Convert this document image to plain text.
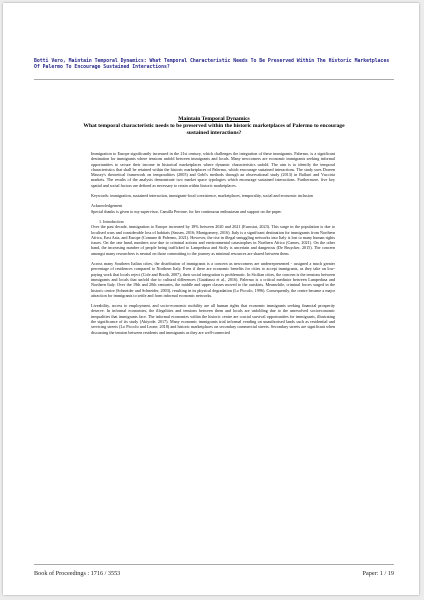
Botti Vero, Maintain Temporal Dynamics: What Temporal Characteristic Needs To Be Preserved Within The Historic Marketplaces Of Palermo To Encourage Sustained Interactions?
Maintain Temporal Dynamics
What temporal characteristic needs to be preserved within the historic marketplaces of Palermo to encourage sustained interactions?

Immigration to Europe significantly increased in the 21st century, which challenges the integration of these immigrants. Palermo, is a significant destination for immigrants where tensions unfold between immigrants and locals. Many newcomers are economic immigrants seeking informal opportunities to secure their income in historical marketplaces where dynamic characteristics unfold. The aim is to identify the temporal characteristics that shall be retained within the historic marketplaces of Palermo, which encourage sustained interactions. The study uses Doreen Massey's theoretical framework on temporalities (2005) and Gehl's methods through an observational study (2013) in Ballarò and Vucciria markets. The results of the analysis demonstrate two market space typologies which encourage sustained interactions. Furthermore, five key spatial and social factors are defined as necessary to retain within historic marketplaces.

Keywords: immigration, sustained interaction, immigrant-local coexistence, marketplaces, temporality, social and economic inclusion

Acknowledgement

Special thanks is given to my supervisor, Camilla Perrone, for her continuous enthusiasm and support on the paper.

1. Introduction

Over the past decade, immigration to Europe increased by 18% between 2020 and 2021 (Eurostat, 2023). This surge in the population is due to localised wars and considerable loss of habitats (Sassen, 2016; Montgomery, 2016). Italy is a significant destination for immigrants from Northern Africa, East Asia, and Europe (Comune di Palermo, 2021). However, the rise in illegal smuggling networks into Italy is lost to many human rights issues. On the one hand, numbers rose due to criminal actions and environmental catastrophes in Northern Africa (Carnes, 2021). On the other hand, the increasing number of people being trafficked to Lampedusa and Sicily is uncertain and dangerous (De Bruycker, 2015). The concern amongst many researchers is neutral on those committing to the journey as minimal resources are shared between them.

Across many Southern Italian cities, the distribution of immigrants is a concern as newcomers are underrepresented - assigned a much greater percentage of residences compared to Northern Italy. Even if there are economic benefits for cities to accept immigrants, as they take on low-paying work that locals reject (Cole and Booth, 2007), their social integration is problematic. In Sicilian cities, the concern is the tensions between immigrants and locals that unfold due to cultural differences (Gatabassi et al., 2016). Palermo is a critical mediator between Lampedusa and Northern Italy. Over the 19th and 20th centuries, the middle and upper classes moved to the outskirts. Meanwhile, criminal forces surged in the historic centre (Schneider and Schneider, 2003), resulting in its physical degradation (Lo Piccolo, 1996). Consequently, the centre became a major attraction for immigrants to settle and form informal economic networks.

Liveability, access to employment, and socio-economic mobility are all human rights that economic immigrants seeking financial prosperity deserve. In informal economies, the illegalities and tensions between them and locals are unfolding due to the unresolved socioeconomic inequalities that immigrants face. The informal economies within the historic centre are crucial survival opportunities for immigrants, illustrating the significance of its study (Akiyode, 2017). Many economic immigrants trial informal vending on unauthorised lands such as residential and servicing streets (Lo Piccolo and Leone, 2018) and historic marketplaces on secondary commercial streets. Secondary streets are significant when discussing the tension between residents and immigrants as they are well-connected

Book of Proceedings : 1716 / 3553	Paper: 1 / 19
